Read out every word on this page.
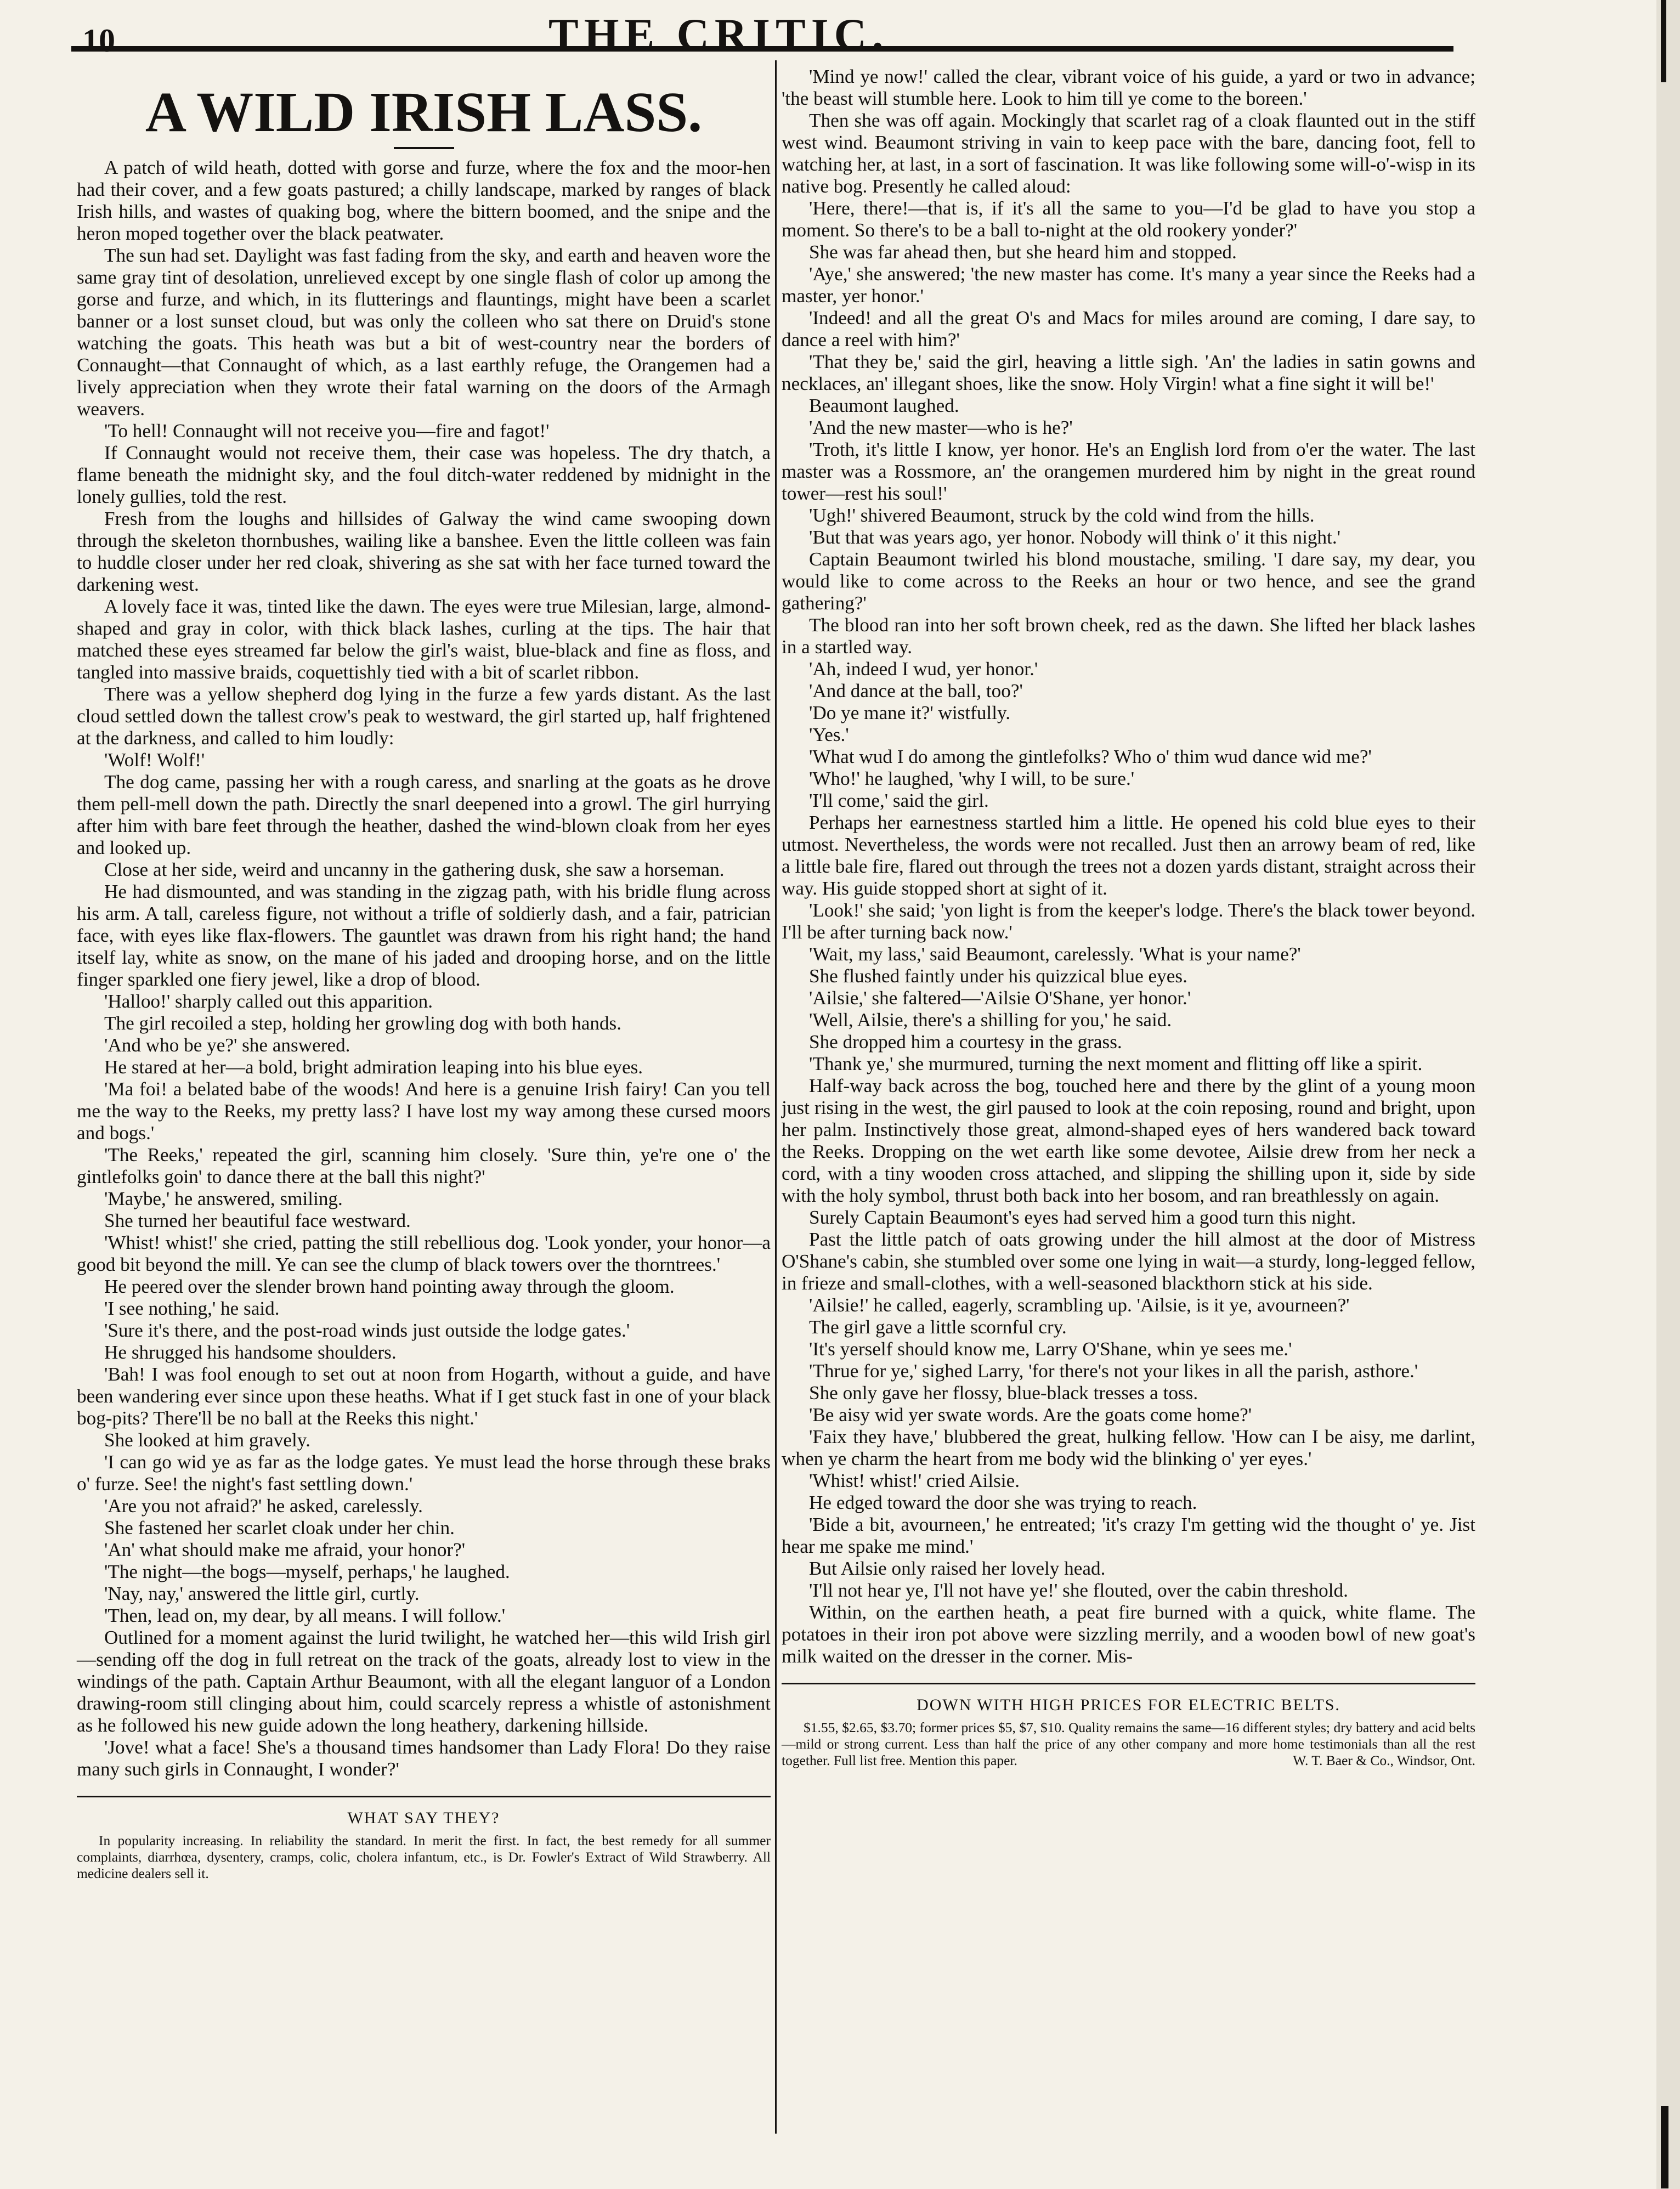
10	THE CRITIC.
A WILD IRISH LASS.

A patch of wild heath, dotted with gorse and furze, where the fox and the moor-hen had their cover, and a few goats pastured; a chilly landscape, marked by ranges of black Irish hills, and wastes of quaking bog, where the bittern boomed, and the snipe and the heron moped together over the black peatwater.

The sun had set. Daylight was fast fading from the sky, and earth and heaven wore the same gray tint of desolation, unrelieved except by one single flash of color up among the gorse and furze, and which, in its flutterings and flauntings, might have been a scarlet banner or a lost sunset cloud, but was only the colleen who sat there on Druid's stone watching the goats. This heath was but a bit of west-country near the borders of Connaught—that Connaught of which, as a last earthly refuge, the Orangemen had a lively appreciation when they wrote their fatal warning on the doors of the Armagh weavers.

'To hell! Connaught will not receive you—fire and fagot!'

If Connaught would not receive them, their case was hopeless. The dry thatch, a flame beneath the midnight sky, and the foul ditch-water reddened by midnight in the lonely gullies, told the rest.

Fresh from the loughs and hillsides of Galway the wind came swooping down through the skeleton thornbushes, wailing like a banshee. Even the little colleen was fain to huddle closer under her red cloak, shivering as she sat with her face turned toward the darkening west.

A lovely face it was, tinted like the dawn. The eyes were true Milesian, large, almond-shaped and gray in color, with thick black lashes, curling at the tips. The hair that matched these eyes streamed far below the girl's waist, blue-black and fine as floss, and tangled into massive braids, coquettishly tied with a bit of scarlet ribbon.

There was a yellow shepherd dog lying in the furze a few yards distant. As the last cloud settled down the tallest crow's peak to westward, the girl started up, half frightened at the darkness, and called to him loudly:

'Wolf! Wolf!'

The dog came, passing her with a rough caress, and snarling at the goats as he drove them pell-mell down the path. Directly the snarl deepened into a growl. The girl hurrying after him with bare feet through the heather, dashed the wind-blown cloak from her eyes and looked up.

Close at her side, weird and uncanny in the gathering dusk, she saw a horseman.

He had dismounted, and was standing in the zigzag path, with his bridle flung across his arm. A tall, careless figure, not without a trifle of soldierly dash, and a fair, patrician face, with eyes like flax-flowers. The gauntlet was drawn from his right hand; the hand itself lay, white as snow, on the mane of his jaded and drooping horse, and on the little finger sparkled one fiery jewel, like a drop of blood.

'Halloo!' sharply called out this apparition.

The girl recoiled a step, holding her growling dog with both hands.

'And who be ye?' she answered.

He stared at her—a bold, bright admiration leaping into his blue eyes.

'Ma foi! a belated babe of the woods! And here is a genuine Irish fairy! Can you tell me the way to the Reeks, my pretty lass? I have lost my way among these cursed moors and bogs.'

'The Reeks,' repeated the girl, scanning him closely. 'Sure thin, ye're one o' the gintlefolks goin' to dance there at the ball this night?'

'Maybe,' he answered, smiling.

She turned her beautiful face westward.

'Whist! whist!' she cried, patting the still rebellious dog. 'Look yonder, your honor—a good bit beyond the mill. Ye can see the clump of black towers over the thorntrees.'

He peered over the slender brown hand pointing away through the gloom.

'I see nothing,' he said.

'Sure it's there, and the post-road winds just outside the lodge gates.'

He shrugged his handsome shoulders.

'Bah! I was fool enough to set out at noon from Hogarth, without a guide, and have been wandering ever since upon these heaths. What if I get stuck fast in one of your black bog-pits? There'll be no ball at the Reeks this night.'

She looked at him gravely.

'I can go wid ye as far as the lodge gates. Ye must lead the horse through these braks o' furze. See! the night's fast settling down.'

'Are you not afraid?' he asked, carelessly.

She fastened her scarlet cloak under her chin.

'An' what should make me afraid, your honor?'

'The night—the bogs—myself, perhaps,' he laughed.

'Nay, nay,' answered the little girl, curtly.

'Then, lead on, my dear, by all means. I will follow.'

Outlined for a moment against the lurid twilight, he watched her—this wild Irish girl—sending off the dog in full retreat on the track of the goats, already lost to view in the windings of the path. Captain Arthur Beaumont, with all the elegant languor of a London drawing-room still clinging about him, could scarcely repress a whistle of astonishment as he followed his new guide adown the long heathery, darkening hillside.

'Jove! what a face! She's a thousand times handsomer than Lady Flora! Do they raise many such girls in Connaught, I wonder?'

WHAT SAY THEY?

In popularity increasing. In reliability the standard. In merit the first. In fact, the best remedy for all summer complaints, diarrhœa, dysentery, cramps, colic, cholera infantum, etc., is Dr. Fowler's Extract of Wild Strawberry. All medicine dealers sell it.

'Mind ye now!' called the clear, vibrant voice of his guide, a yard or two in advance; 'the beast will stumble here. Look to him till ye come to the boreen.'

Then she was off again. Mockingly that scarlet rag of a cloak flaunted out in the stiff west wind. Beaumont striving in vain to keep pace with the bare, dancing foot, fell to watching her, at last, in a sort of fascination. It was like following some will-o'-wisp in its native bog. Presently he called aloud:

'Here, there!—that is, if it's all the same to you—I'd be glad to have you stop a moment. So there's to be a ball to-night at the old rookery yonder?'

She was far ahead then, but she heard him and stopped.

'Aye,' she answered; 'the new master has come. It's many a year since the Reeks had a master, yer honor.'

'Indeed! and all the great O's and Macs for miles around are coming, I dare say, to dance a reel with him?'

'That they be,' said the girl, heaving a little sigh. 'An' the ladies in satin gowns and necklaces, an' illegant shoes, like the snow. Holy Virgin! what a fine sight it will be!'

Beaumont laughed.

'And the new master—who is he?'

'Troth, it's little I know, yer honor. He's an English lord from o'er the water. The last master was a Rossmore, an' the orangemen murdered him by night in the great round tower—rest his soul!'

'Ugh!' shivered Beaumont, struck by the cold wind from the hills.

'But that was years ago, yer honor. Nobody will think o' it this night.'

Captain Beaumont twirled his blond moustache, smiling. 'I dare say, my dear, you would like to come across to the Reeks an hour or two hence, and see the grand gathering?'

The blood ran into her soft brown cheek, red as the dawn. She lifted her black lashes in a startled way.

'Ah, indeed I wud, yer honor.'

'And dance at the ball, too?'

'Do ye mane it?' wistfully.

'Yes.'

'What wud I do among the gintlefolks? Who o' thim wud dance wid me?'

'Who!' he laughed, 'why I will, to be sure.'

'I'll come,' said the girl.

Perhaps her earnestness startled him a little. He opened his cold blue eyes to their utmost. Nevertheless, the words were not recalled. Just then an arrowy beam of red, like a little bale fire, flared out through the trees not a dozen yards distant, straight across their way. His guide stopped short at sight of it.

'Look!' she said; 'yon light is from the keeper's lodge. There's the black tower beyond. I'll be after turning back now.'

'Wait, my lass,' said Beaumont, carelessly. 'What is your name?'

She flushed faintly under his quizzical blue eyes.

'Ailsie,' she faltered—'Ailsie O'Shane, yer honor.'

'Well, Ailsie, there's a shilling for you,' he said.

She dropped him a courtesy in the grass.

'Thank ye,' she murmured, turning the next moment and flitting off like a spirit.

Half-way back across the bog, touched here and there by the glint of a young moon just rising in the west, the girl paused to look at the coin reposing, round and bright, upon her palm. Instinctively those great, almond-shaped eyes of hers wandered back toward the Reeks. Dropping on the wet earth like some devotee, Ailsie drew from her neck a cord, with a tiny wooden cross attached, and slipping the shilling upon it, side by side with the holy symbol, thrust both back into her bosom, and ran breathlessly on again.

Surely Captain Beaumont's eyes had served him a good turn this night.

Past the little patch of oats growing under the hill almost at the door of Mistress O'Shane's cabin, she stumbled over some one lying in wait—a sturdy, long-legged fellow, in frieze and small-clothes, with a well-seasoned blackthorn stick at his side.

'Ailsie!' he called, eagerly, scrambling up. 'Ailsie, is it ye, avourneen?'

The girl gave a little scornful cry.

'It's yerself should know me, Larry O'Shane, whin ye sees me.'

'Thrue for ye,' sighed Larry, 'for there's not your likes in all the parish, asthore.'

She only gave her flossy, blue-black tresses a toss.

'Be aisy wid yer swate words. Are the goats come home?'

'Faix they have,' blubbered the great, hulking fellow. 'How can I be aisy, me darlint, when ye charm the heart from me body wid the blinking o' yer eyes.'

'Whist! whist!' cried Ailsie.

He edged toward the door she was trying to reach.

'Bide a bit, avourneen,' he entreated; 'it's crazy I'm getting wid the thought o' ye. Jist hear me spake me mind.'

But Ailsie only raised her lovely head.

'I'll not hear ye, I'll not have ye!' she flouted, over the cabin threshold.

Within, on the earthen heath, a peat fire burned with a quick, white flame. The potatoes in their iron pot above were sizzling merrily, and a wooden bowl of new goat's milk waited on the dresser in the corner. Mis-

DOWN WITH HIGH PRICES FOR ELECTRIC BELTS.

$1.55, $2.65, $3.70; former prices $5, $7, $10. Quality remains the same—16 different styles; dry battery and acid belts—mild or strong current. Less than half the price of any other company and more home testimonials than all the rest together. Full list free. Mention this paper.	W. T. Baer & Co., Windsor, Ont.
